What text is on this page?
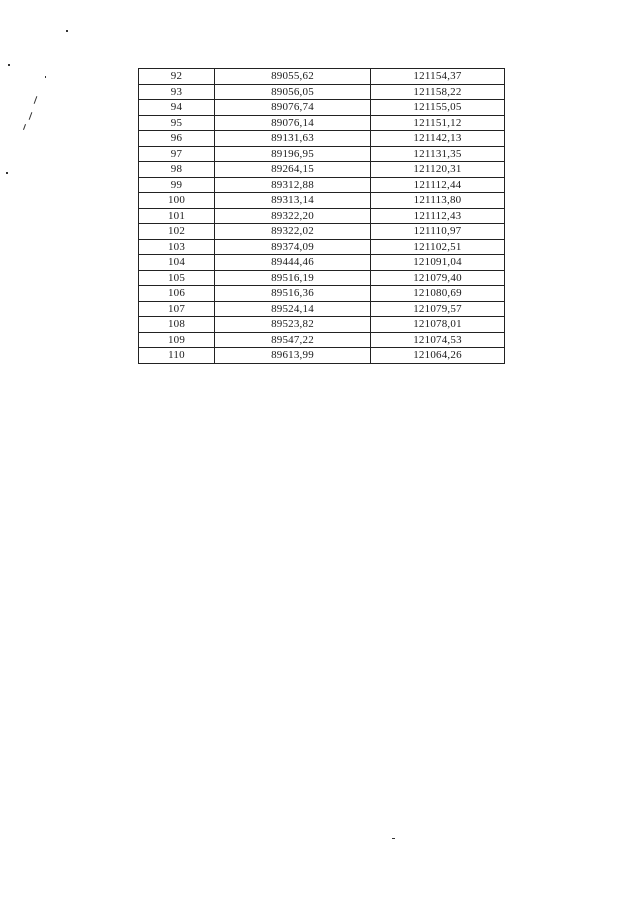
92	89055,62	121154,37
93	89056,05	121158,22
94	89076,74	121155,05
95	89076,14	121151,12
96	89131,63	121142,13
97	89196,95	121131,35
98	89264,15	121120,31
99	89312,88	121112,44
100	89313,14	121113,80
101	89322,20	121112,43
102	89322,02	121110,97
103	89374,09	121102,51
104	89444,46	121091,04
105	89516,19	121079,40
106	89516,36	121080,69
107	89524,14	121079,57
108	89523,82	121078,01
109	89547,22	121074,53
110	89613,99	121064,26
